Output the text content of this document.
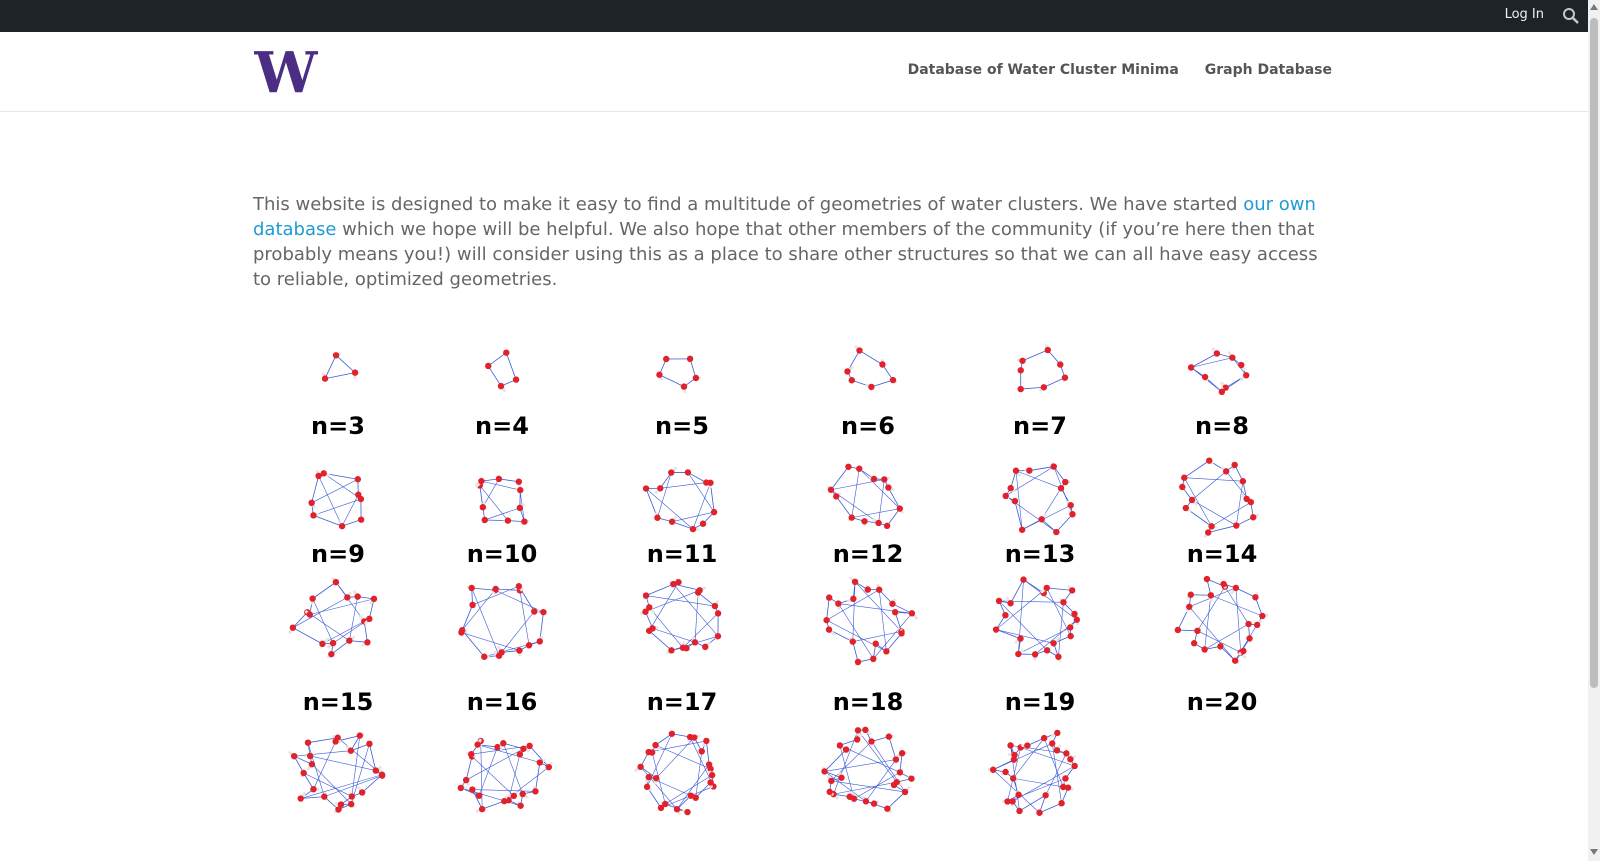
Log In
W	Database of Water Cluster Minima Graph Database

This website is designed to make it easy to find a multitude of geometries of water clusters. We have started our own database which we hope will be helpful. We also hope that other members of the community (if you’re here then that probably means you!) will consider using this as a place to share other structures so that we can all have easy access to reliable, optimized geometries.

n=3	n=4	n=5	n=6	n=7	n=8
n=9	n=10	n=11	n=12	n=13	n=14
n=15	n=16	n=17	n=18	n=19	n=20
